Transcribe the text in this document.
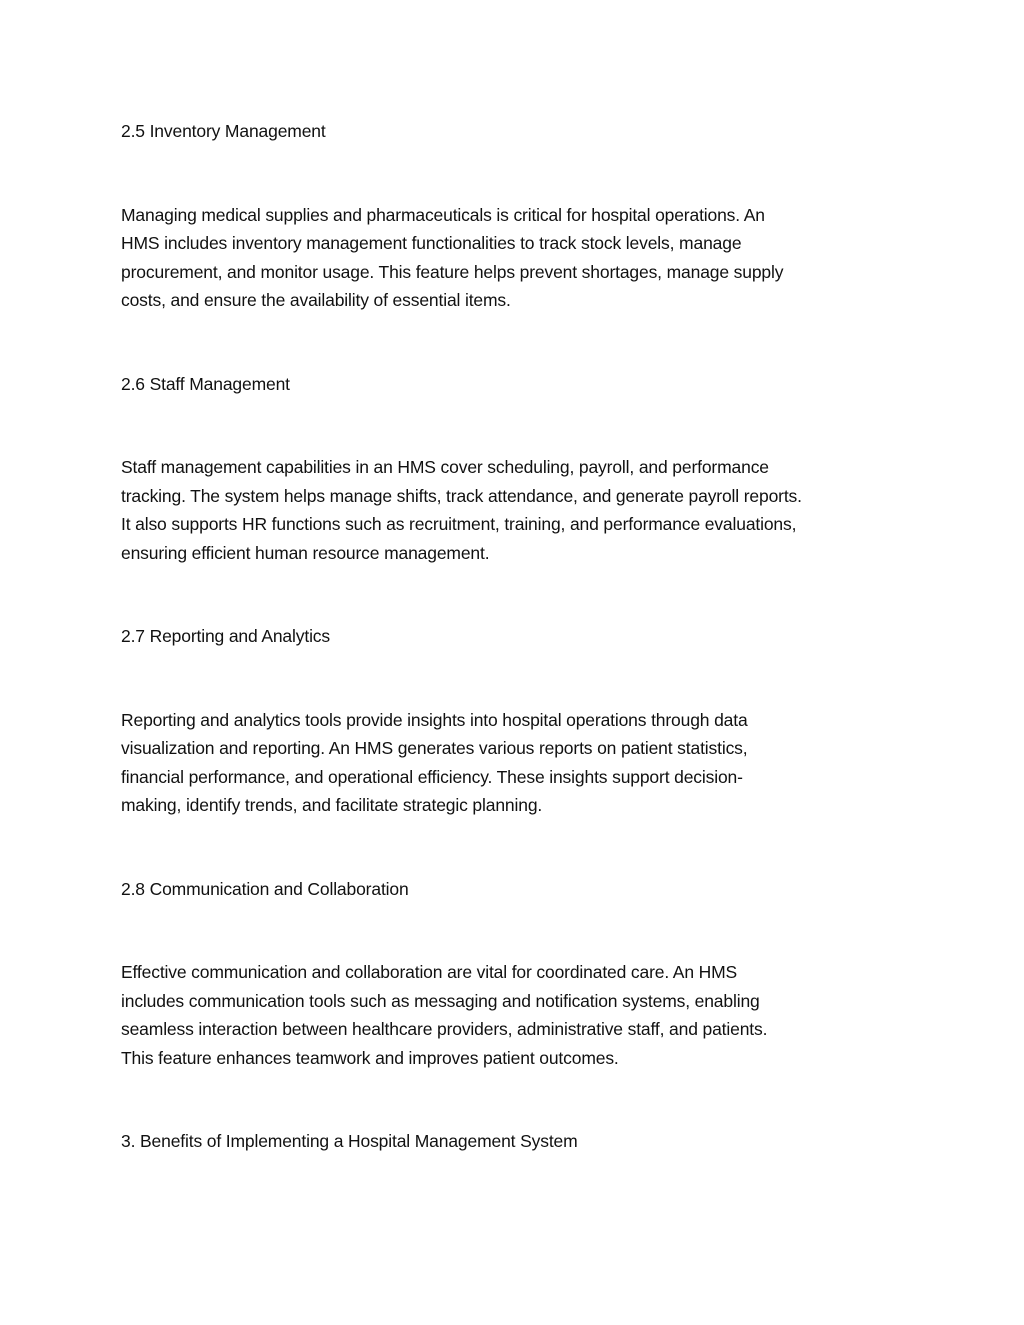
2.5 Inventory Management
Managing medical supplies and pharmaceuticals is critical for hospital operations. An
HMS includes inventory management functionalities to track stock levels, manage
procurement, and monitor usage. This feature helps prevent shortages, manage supply
costs, and ensure the availability of essential items.
2.6 Staff Management
Staff management capabilities in an HMS cover scheduling, payroll, and performance
tracking. The system helps manage shifts, track attendance, and generate payroll reports.
It also supports HR functions such as recruitment, training, and performance evaluations,
ensuring efficient human resource management.
2.7 Reporting and Analytics
Reporting and analytics tools provide insights into hospital operations through data
visualization and reporting. An HMS generates various reports on patient statistics,
financial performance, and operational efficiency. These insights support decision-
making, identify trends, and facilitate strategic planning.
2.8 Communication and Collaboration
Effective communication and collaboration are vital for coordinated care. An HMS
includes communication tools such as messaging and notification systems, enabling
seamless interaction between healthcare providers, administrative staff, and patients.
This feature enhances teamwork and improves patient outcomes.
3. Benefits of Implementing a Hospital Management System
